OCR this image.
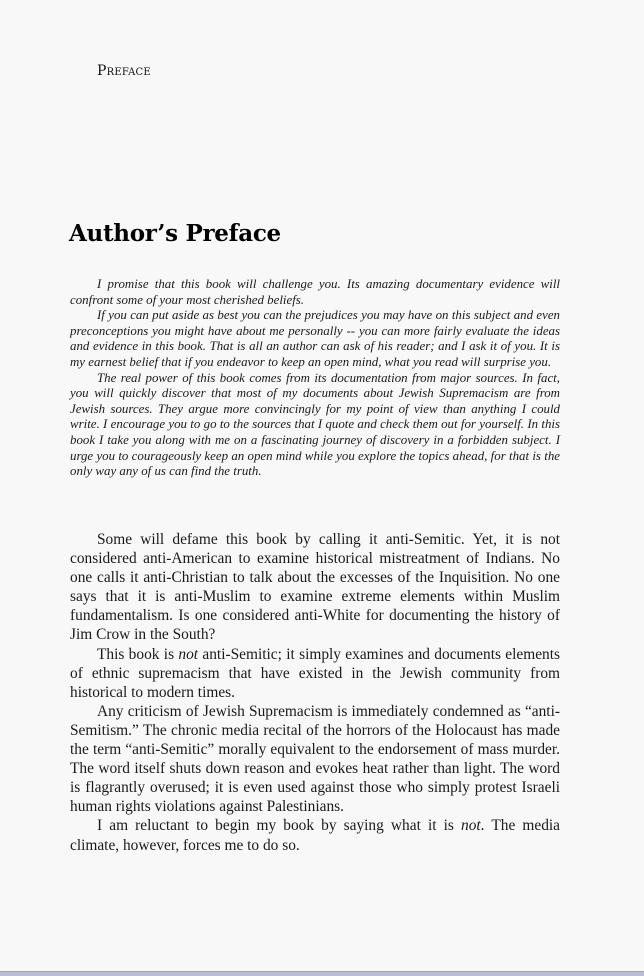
Preface
Author’s Preface

I promise that this book will challenge you. Its amazing documentary evidence will confront some of your most cherished beliefs.

If you can put aside as best you can the prejudices you may have on this subject and even preconceptions you might have about me personally -- you can more fairly evaluate the ideas and evidence in this book. That is all an author can ask of his reader; and I ask it of you. It is my earnest belief that if you endeavor to keep an open mind, what you read will surprise you.

The real power of this book comes from its documentation from major sources. In fact, you will quickly discover that most of my documents about Jewish Supremacism are from Jewish sources. They argue more convincingly for my point of view than anything I could write. I encourage you to go to the sources that I quote and check them out for yourself. In this book I take you along with me on a fascinating journey of discovery in a forbidden subject. I urge you to courageously keep an open mind while you explore the topics ahead, for that is the only way any of us can find the truth.

Some will defame this book by calling it anti-Semitic. Yet, it is not considered anti-American to examine historical mistreatment of Indians. No one calls it anti-Christian to talk about the excesses of the Inquisition. No one says that it is anti-Muslim to examine extreme elements within Muslim fundamentalism. Is one considered anti-White for documenting the history of Jim Crow in the South?

This book is not anti-Semitic; it simply examines and documents elements of ethnic supremacism that have existed in the Jewish community from historical to modern times.

Any criticism of Jewish Supremacism is immediately condemned as “anti-Semitism.” The chronic media recital of the horrors of the Holocaust has made the term “anti-Semitic” morally equivalent to the endorsement of mass murder. The word itself shuts down reason and evokes heat rather than light. The word is flagrantly overused; it is even used against those who simply protest Israeli human rights violations against Palestinians.

I am reluctant to begin my book by saying what it is not. The media climate, however, forces me to do so.
